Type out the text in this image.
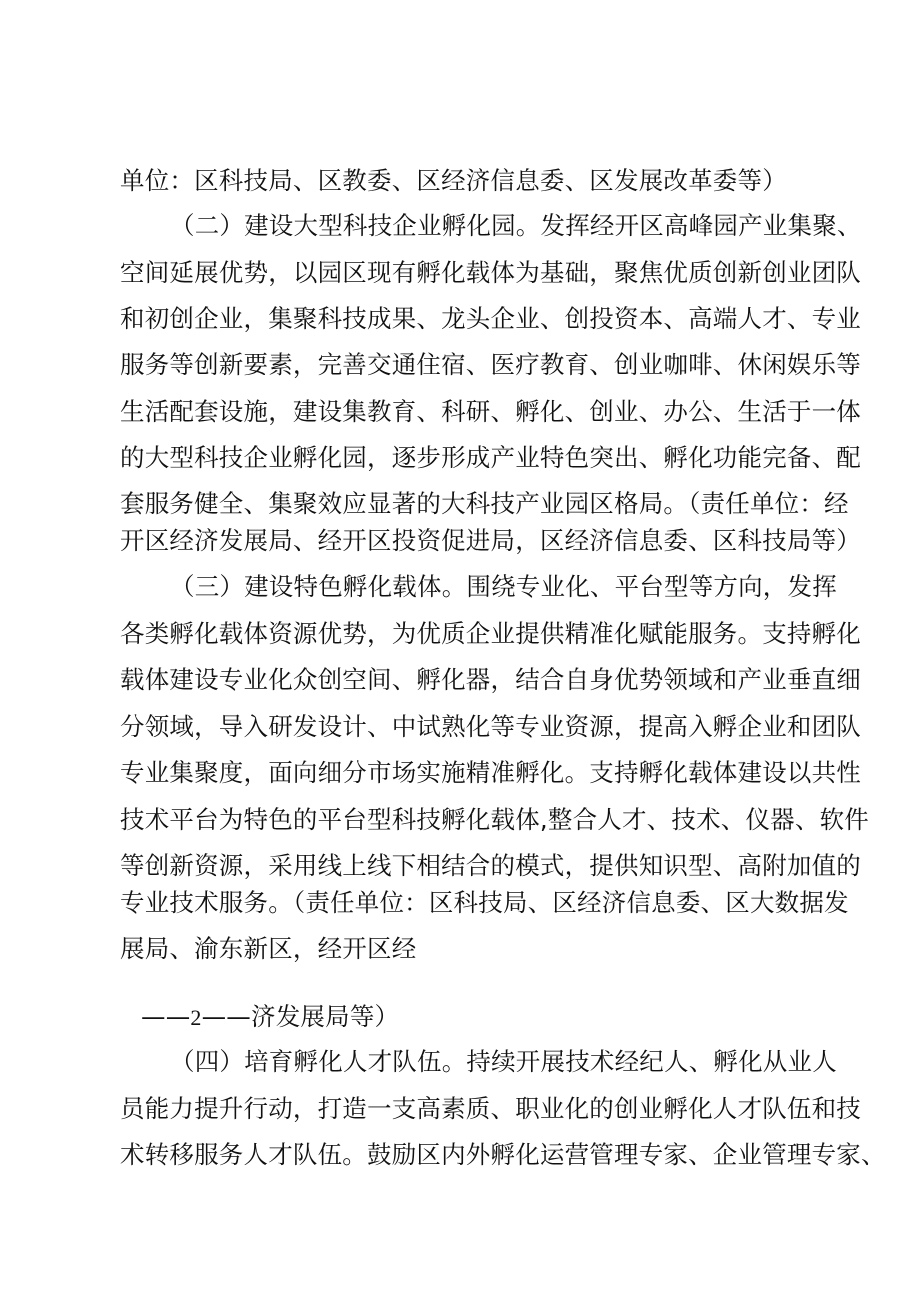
单位：区科技局、区教委、区经济信息委、区发展改革委等）
（二）建设大型科技企业孵化园。发挥经开区高峰园产业集聚、
空间延展优势，以园区现有孵化载体为基础，聚焦优质创新创业团队
和初创企业，集聚科技成果、龙头企业、创投资本、高端人才、专业
服务等创新要素，完善交通住宿、医疗教育、创业咖啡、休闲娱乐等
生活配套设施，建设集教育、科研、孵化、创业、办公、生活于一体
的大型科技企业孵化园，逐步形成产业特色突出、孵化功能完备、配
套服务健全、集聚效应显著的大科技产业园区格局。（责任单位：经
开区经济发展局、经开区投资促进局，区经济信息委、区科技局等）
（三）建设特色孵化载体。围绕专业化、平台型等方向，发挥
各类孵化载体资源优势，为优质企业提供精准化赋能服务。支持孵化
载体建设专业化众创空间、孵化器，结合自身优势领域和产业垂直细
分领域，导入研发设计、中试熟化等专业资源，提高入孵企业和团队
专业集聚度，面向细分市场实施精准孵化。支持孵化载体建设以共性
技术平台为特色的平台型科技孵化载体,整合人才、技术、仪器、软件
等创新资源，采用线上线下相结合的模式，提供知识型、高附加值的
专业技术服务。（责任单位：区科技局、区经济信息委、区大数据发
展局、渝东新区，经开区经
——2——济发展局等）
（四）培育孵化人才队伍。持续开展技术经纪人、孵化从业人
员能力提升行动，打造一支高素质、职业化的创业孵化人才队伍和技
术转移服务人才队伍。鼓励区内外孵化运营管理专家、企业管理专家、
